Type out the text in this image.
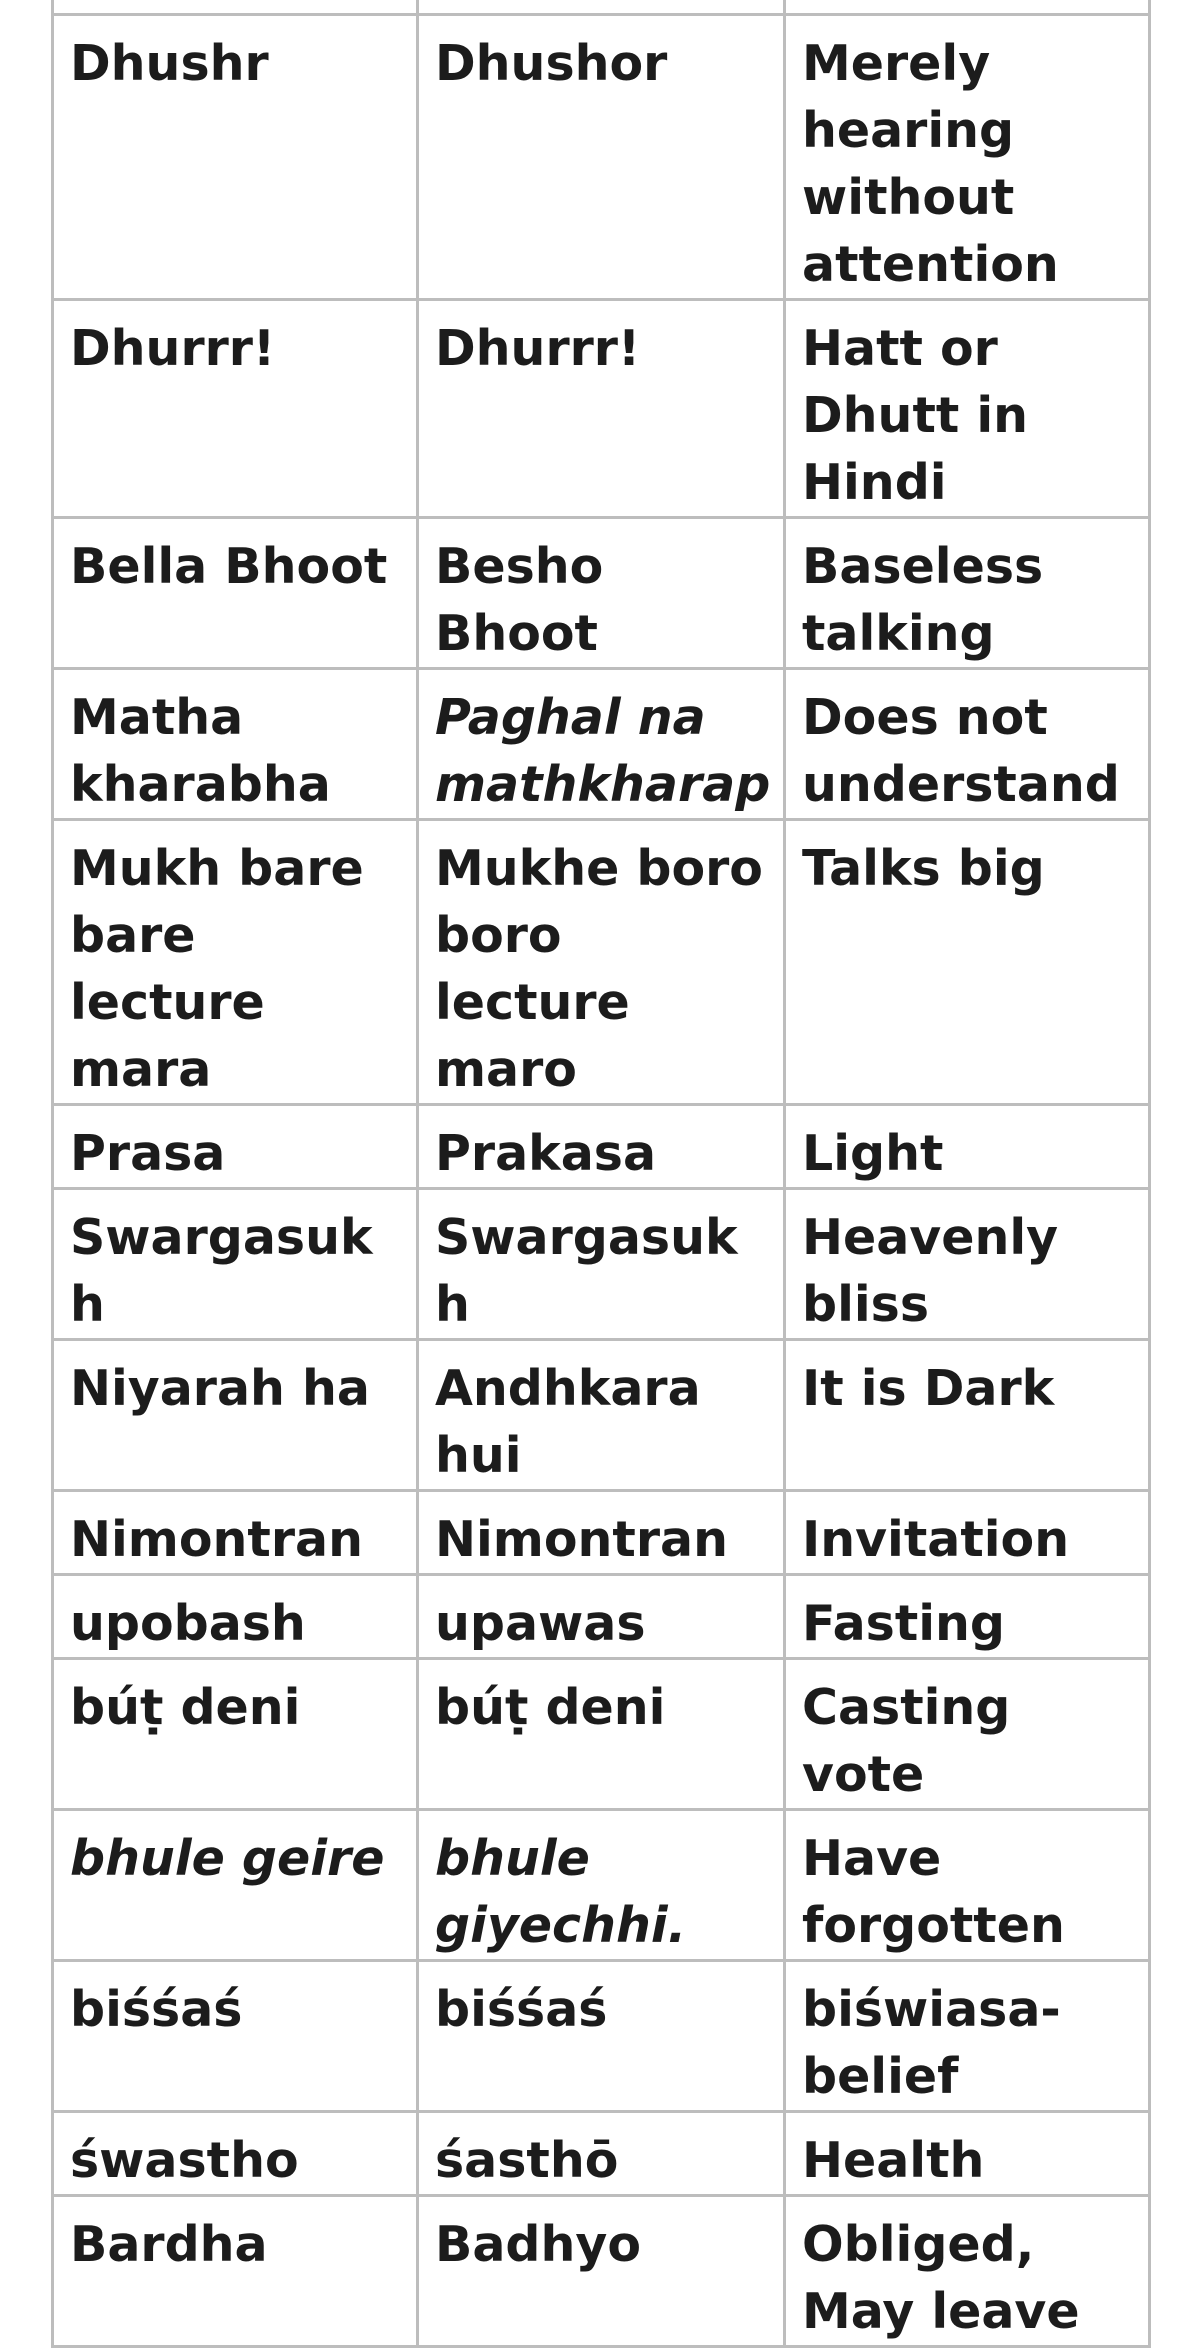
Dhushr	Dhushor	Merely hearing without attention
Dhurrr!	Dhurrr!	Hatt or Dhutt in Hindi
Bella Bhoot	Besho Bhoot	Baseless talking
Matha kharabha	Paghal na mathkharap	Does not understand
Mukh bare bare lecture mara	Mukhe boro boro lecture maro	Talks big
Prasa	Prakasa	Light
Swargasukh	Swargasukh	Heavenly bliss
Niyarah ha	Andhkara hui	It is Dark
Nimontran	Nimontran	Invitation
upobash	upawas	Fasting
búṭ deni	búṭ deni	Casting vote
bhule geire	bhule giyechhi.	Have forgotten
biśśaś	biśśaś	biświasa-belief
śwastho	śasthō	Health
Bardha	Badhyo	Obliged, May leave
